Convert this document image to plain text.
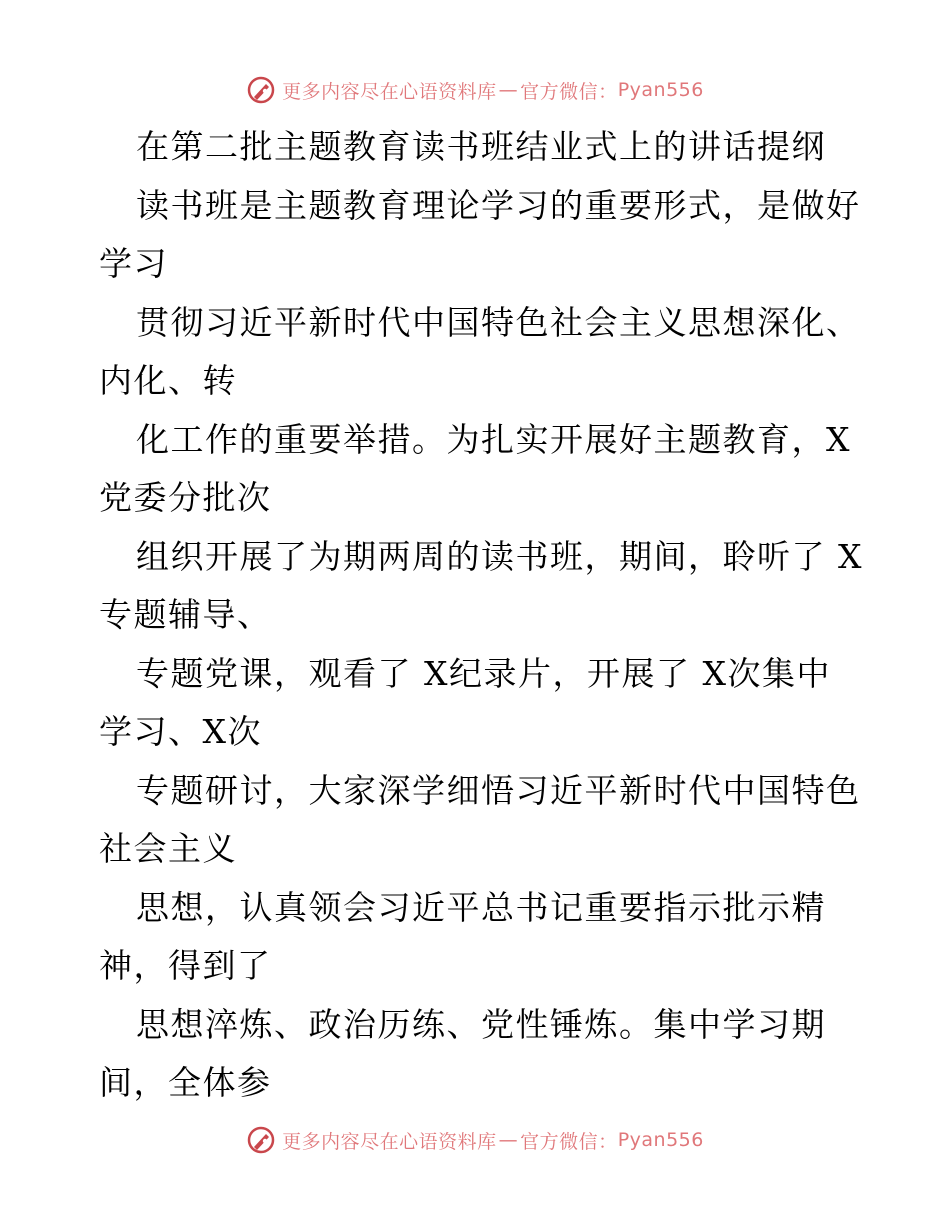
更多内容尽在心语资料库 — 官方微信： Pyan556
在第二批主题教育读书班结业式上的讲话提纲
读书班是主题教育理论学习的重要形式，是做好
学习
贯彻习近平新时代中国特色社会主义思想深化、
内化、转
化工作的重要举措。为扎实开展好主题教育，X
党委分批次
组织开展了为期两周的读书班，期间，聆听了 X
专题辅导、
专题党课，观看了 X纪录片，开展了 X次集中
学习、X次
专题研讨，大家深学细悟习近平新时代中国特色
社会主义
思想，认真领会习近平总书记重要指示批示精
神，得到了
思想淬炼、政治历练、党性锤炼。集中学习期
间，全体参
更多内容尽在心语资料库 — 官方微信： Pyan556
